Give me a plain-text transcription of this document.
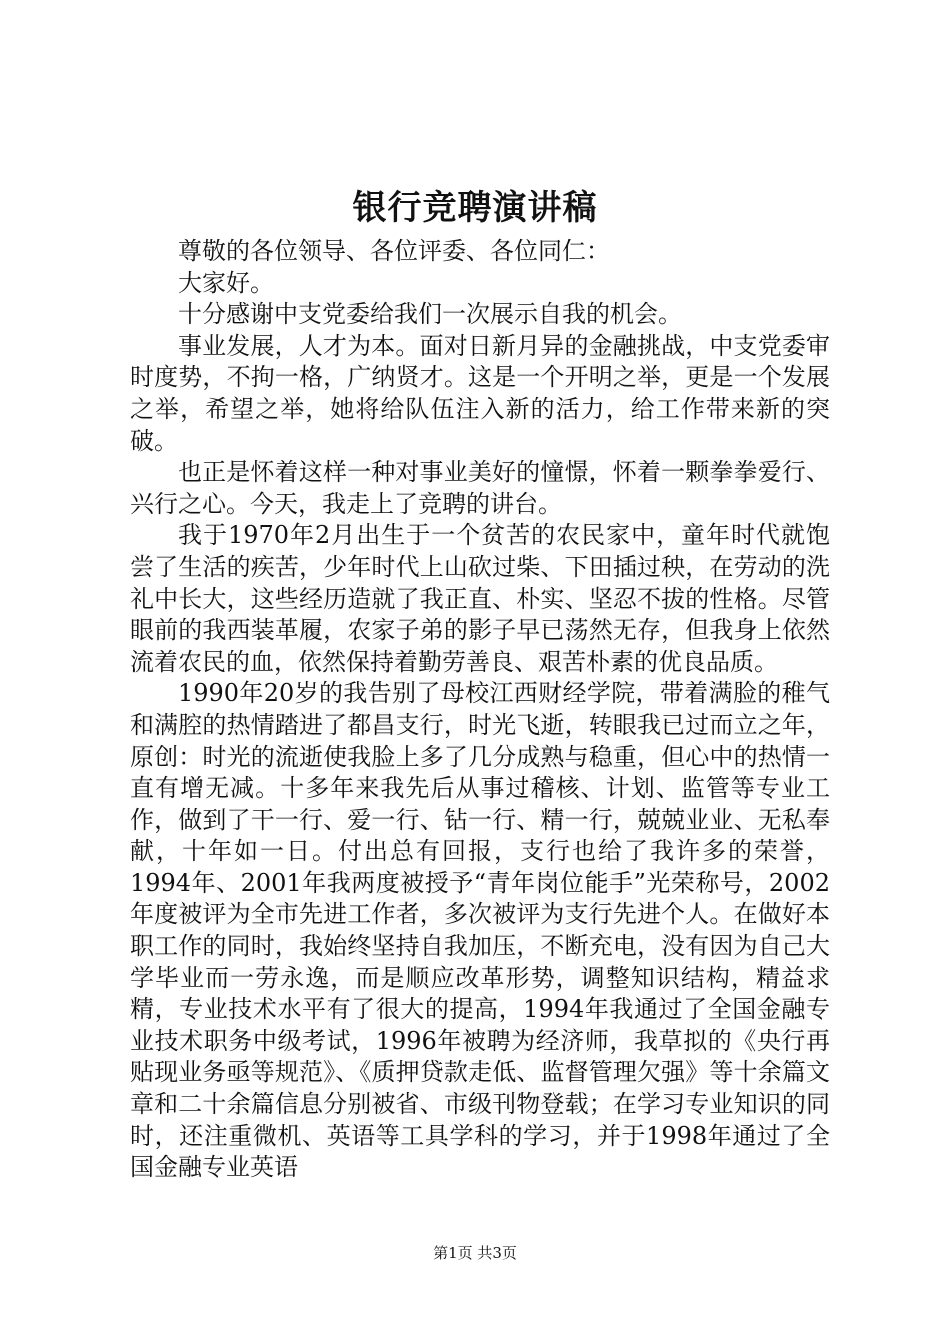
银行竞聘演讲稿

尊敬的各位领导、各位评委、各位同仁：

大家好。

十分感谢中支党委给我们一次展示自我的机会。

事业发展，人才为本。面对日新月异的金融挑战，中支党委审时度势，不拘一格，广纳贤才。这是一个开明之举，更是一个发展之举，希望之举，她将给队伍注入新的活力，给工作带来新的突破。

也正是怀着这样一种对事业美好的憧憬，怀着一颗拳拳爱行、兴行之心。今天，我走上了竞聘的讲台。

我于1970年2月出生于一个贫苦的农民家中，童年时代就饱尝了生活的疾苦，少年时代上山砍过柴、下田插过秧，在劳动的洗礼中长大，这些经历造就了我正直、朴实、坚忍不拔的性格。尽管眼前的我西装革履，农家子弟的影子早已荡然无存，但我身上依然流着农民的血，依然保持着勤劳善良、艰苦朴素的优良品质。

1990年20岁的我告别了母校江西财经学院，带着满脸的稚气和满腔的热情踏进了都昌支行，时光飞逝，转眼我已过而立之年，原创：时光的流逝使我脸上多了几分成熟与稳重，但心中的热情一直有增无减。十多年来我先后从事过稽核、计划、监管等专业工作，做到了干一行、爱一行、钻一行、精一行，兢兢业业、无私奉献，十年如一日。付出总有回报，支行也给了我许多的荣誉，1994年、2001年我两度被授予“青年岗位能手”光荣称号，2002年度被评为全市先进工作者，多次被评为支行先进个人。在做好本职工作的同时，我始终坚持自我加压，不断充电，没有因为自己大学毕业而一劳永逸，而是顺应改革形势，调整知识结构，精益求精，专业技术水平有了很大的提高，1994年我通过了全国金融专业技术职务中级考试，1996年被聘为经济师，我草拟的《央行再贴现业务亟等规范》、《质押贷款走低、监督管理欠强》等十余篇文章和二十余篇信息分别被省、市级刊物登载；在学习专业知识的同时，还注重微机、英语等工具学科的学习，并于1998年通过了全国金融专业英语

第1页 共3页
